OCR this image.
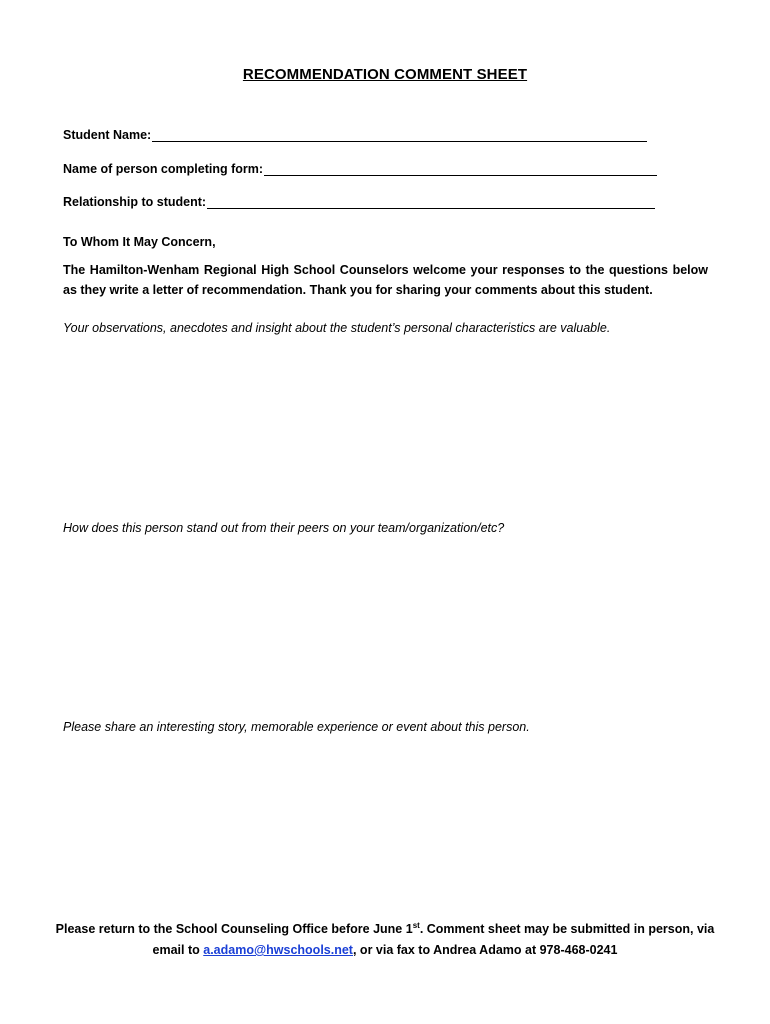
RECOMMENDATION COMMENT SHEET
Student Name:
Name of person completing form:
Relationship to student:
To Whom It May Concern,
The Hamilton-Wenham Regional High School Counselors welcome your responses to the questions below as they write a letter of recommendation. Thank you for sharing your comments about this student.
Your observations, anecdotes and insight about the student’s personal characteristics are valuable.
How does this person stand out from their peers on your team/organization/etc?
Please share an interesting story, memorable experience or event about this person.
Please return to the School Counseling Office before June 1st. Comment sheet may be submitted in person, via
email to a.adamo@hwschools.net, or via fax to Andrea Adamo at 978-468-0241
